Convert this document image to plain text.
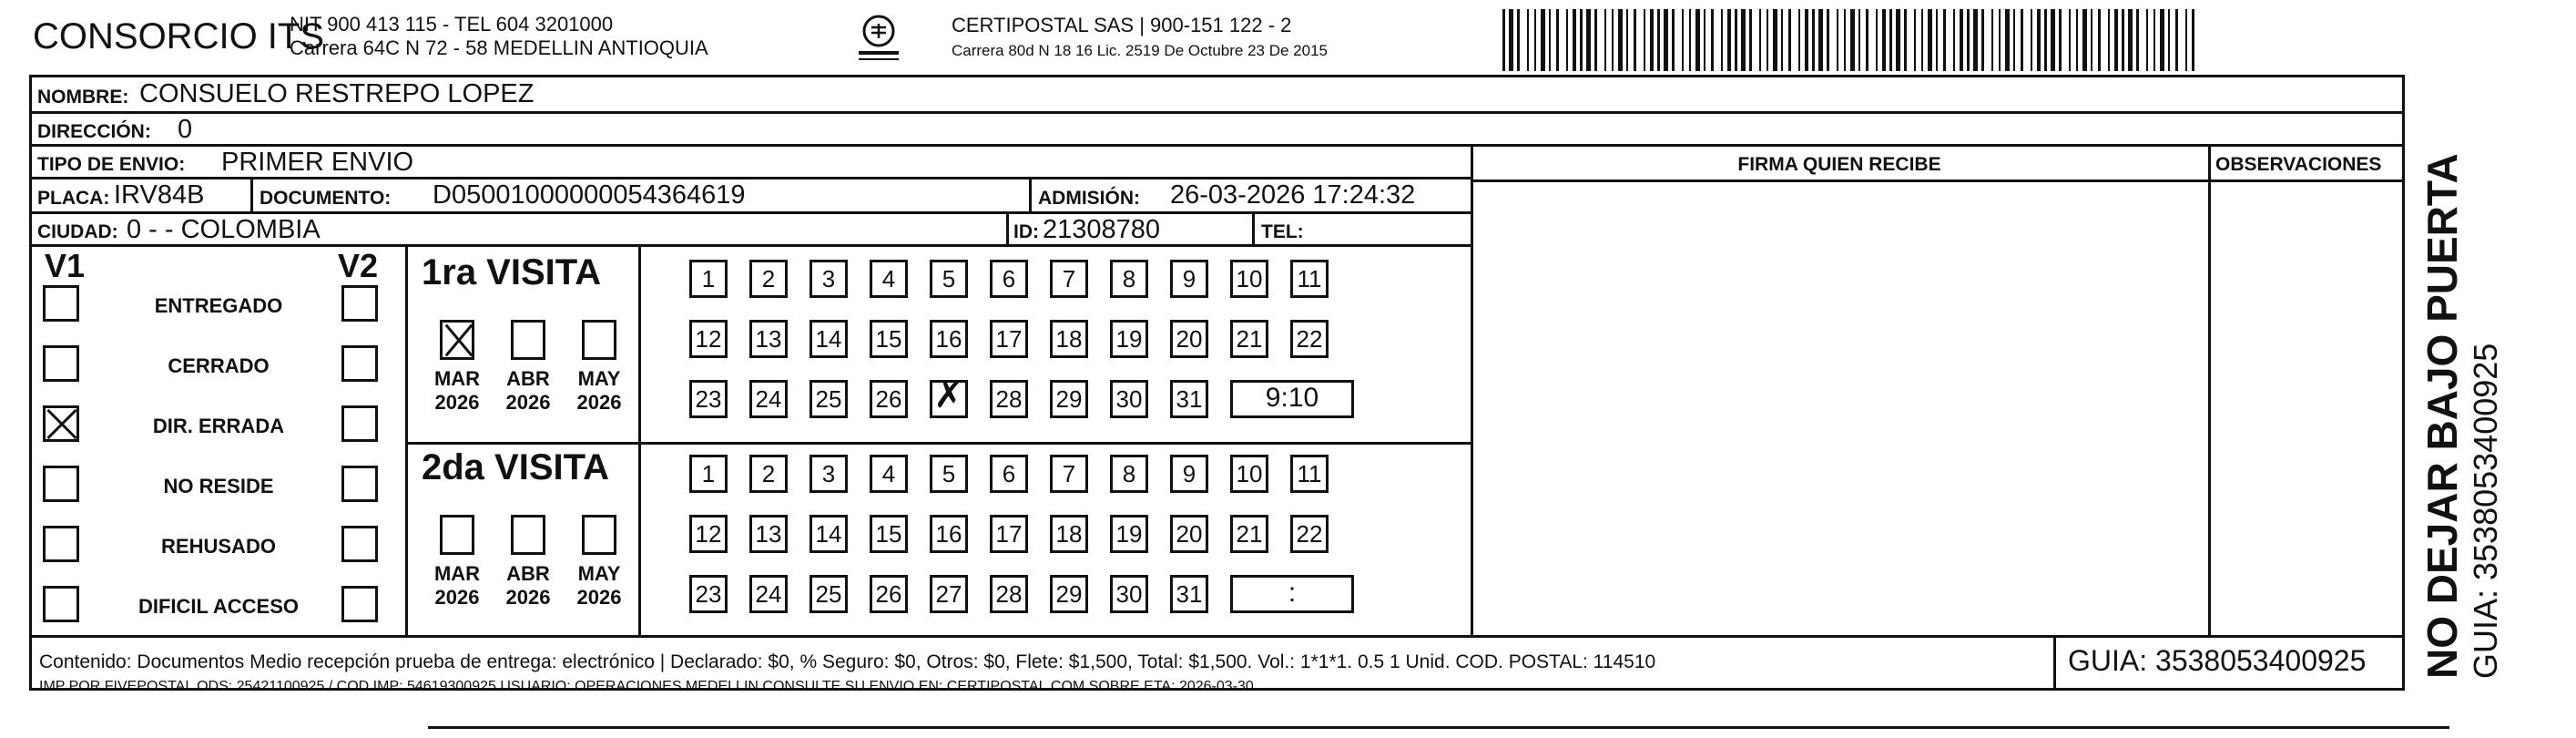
CONSORCIO ITS
NIT 900 413 115 - TEL 604 3201000
Carrera 64C N 72 - 58 MEDELLIN ANTIOQUIA
CERTIPOSTAL SAS | 900-151 122 - 2
Carrera 80d N 18 16 Lic. 2519 De Octubre 23 De 2015
NOMBRE: CONSUELO RESTREPO LOPEZ
DIRECCIÓN: 0
TIPO DE ENVIO: PRIMER ENVIO
PLACA: IRV84B	DOCUMENTO: D05001000000054364619	ADMISIÓN: 26-03-2026 17:24:32
CIUDAD: 0 - - COLOMBIA	ID: 21308780	TEL:
FIRMA QUIEN RECIBE	OBSERVACIONES
V1	V2
ENTREGADO
CERRADO
DIR. ERRADA
NO RESIDE
REHUSADO
DIFICIL ACCESO
1ra VISITA
MAR
2026
ABR
2026
MAY
2026
1	2	3	4	5	6	7	8	9	10 11
12 13 14 15 16 17 18 19 20 21 22
23 24 25 26
✗	28 29 30 31	9:10
2da VISITA
MAR
2026
ABR
2026
MAY
2026
1	2	3	4	5	6	7	8	9	10 11
12 13 14 15 16 17 18 19 20 21 22
23 24 25 26 27 28 29 30 31	:
Contenido: Documentos Medio recepción prueba de entrega: electrónico | Declarado: $0, % Seguro: $0, Otros: $0, Flete: $1,500, Total: $1,500. Vol.: 1*1*1. 0.5 1 Unid. COD. POSTAL: 114510
IMP POR FIVEPOSTAL ODS: 25421100925 / COD.IMP: 54619300925 USUARIO: OPERACIONES MEDELLIN CONSULTE SU ENVIO EN: CERTIPOSTAL.COM SOBRE ETA: 2026-03-30
GUIA: 3538053400925 NO DEJAR BAJO PUERTA GUIA: 3538053400925
